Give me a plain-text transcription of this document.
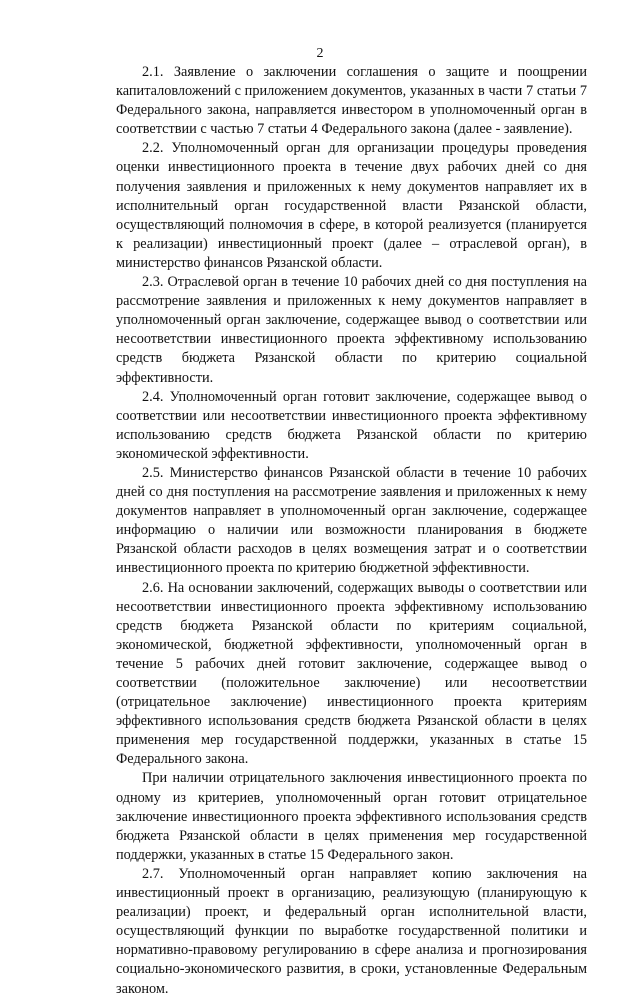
2

2.1. Заявление о заключении соглашения о защите и поощрении капиталовложений с приложением документов, указанных в части 7 статьи 7 Федерального закона, направляется инвестором в уполномоченный орган в соответствии с частью 7 статьи 4 Федерального закона (далее - заявление).

2.2. Уполномоченный орган для организации процедуры проведения оценки инвестиционного проекта в течение двух рабочих дней со дня получения заявления и приложенных к нему документов направляет их в исполнительный орган государственной власти Рязанской области, осуществляющий полномочия в сфере, в которой реализуется (планируется к реализации) инвестиционный проект (далее – отраслевой орган), в министерство финансов Рязанской области.

2.3. Отраслевой орган в течение 10 рабочих дней со дня поступления на рассмотрение заявления и приложенных к нему документов направляет в уполномоченный орган заключение, содержащее вывод о соответствии или несоответствии инвестиционного проекта эффективному использованию средств бюджета Рязанской области по критерию социальной эффективности.

2.4. Уполномоченный орган готовит заключение, содержащее вывод о соответствии или несоответствии инвестиционного проекта эффективному использованию средств бюджета Рязанской области по критерию экономической эффективности.

2.5. Министерство финансов Рязанской области в течение 10 рабочих дней со дня поступления на рассмотрение заявления и приложенных к нему документов направляет в уполномоченный орган заключение, содержащее информацию о наличии или возможности планирования в бюджете Рязанской области расходов в целях возмещения затрат и о соответствии инвестиционного проекта по критерию бюджетной эффективности.

2.6. На основании заключений, содержащих выводы о соответствии или несоответствии инвестиционного проекта эффективному использованию средств бюджета Рязанской области по критериям социальной, экономической, бюджетной эффективности, уполномоченный орган в течение 5 рабочих дней готовит заключение, содержащее вывод о соответствии (положительное заключение) или несоответствии (отрицательное заключение) инвестиционного проекта критериям эффективного использования средств бюджета Рязанской области в целях применения мер государственной поддержки, указанных в статье 15 Федерального закона.

При наличии отрицательного заключения инвестиционного проекта по одному из критериев, уполномоченный орган готовит отрицательное заключение инвестиционного проекта эффективного использования средств бюджета Рязанской области в целях применения мер государственной поддержки, указанных в статье 15 Федерального закон.

2.7. Уполномоченный орган направляет копию заключения на инвестиционный проект в организацию, реализующую (планирующую к реализации) проект, и федеральный орган исполнительной власти, осуществляющий функции по выработке государственной политики и нормативно-правовому регулированию в сфере анализа и прогнозирования социально-экономического развития, в сроки, установленные Федеральным законом.
